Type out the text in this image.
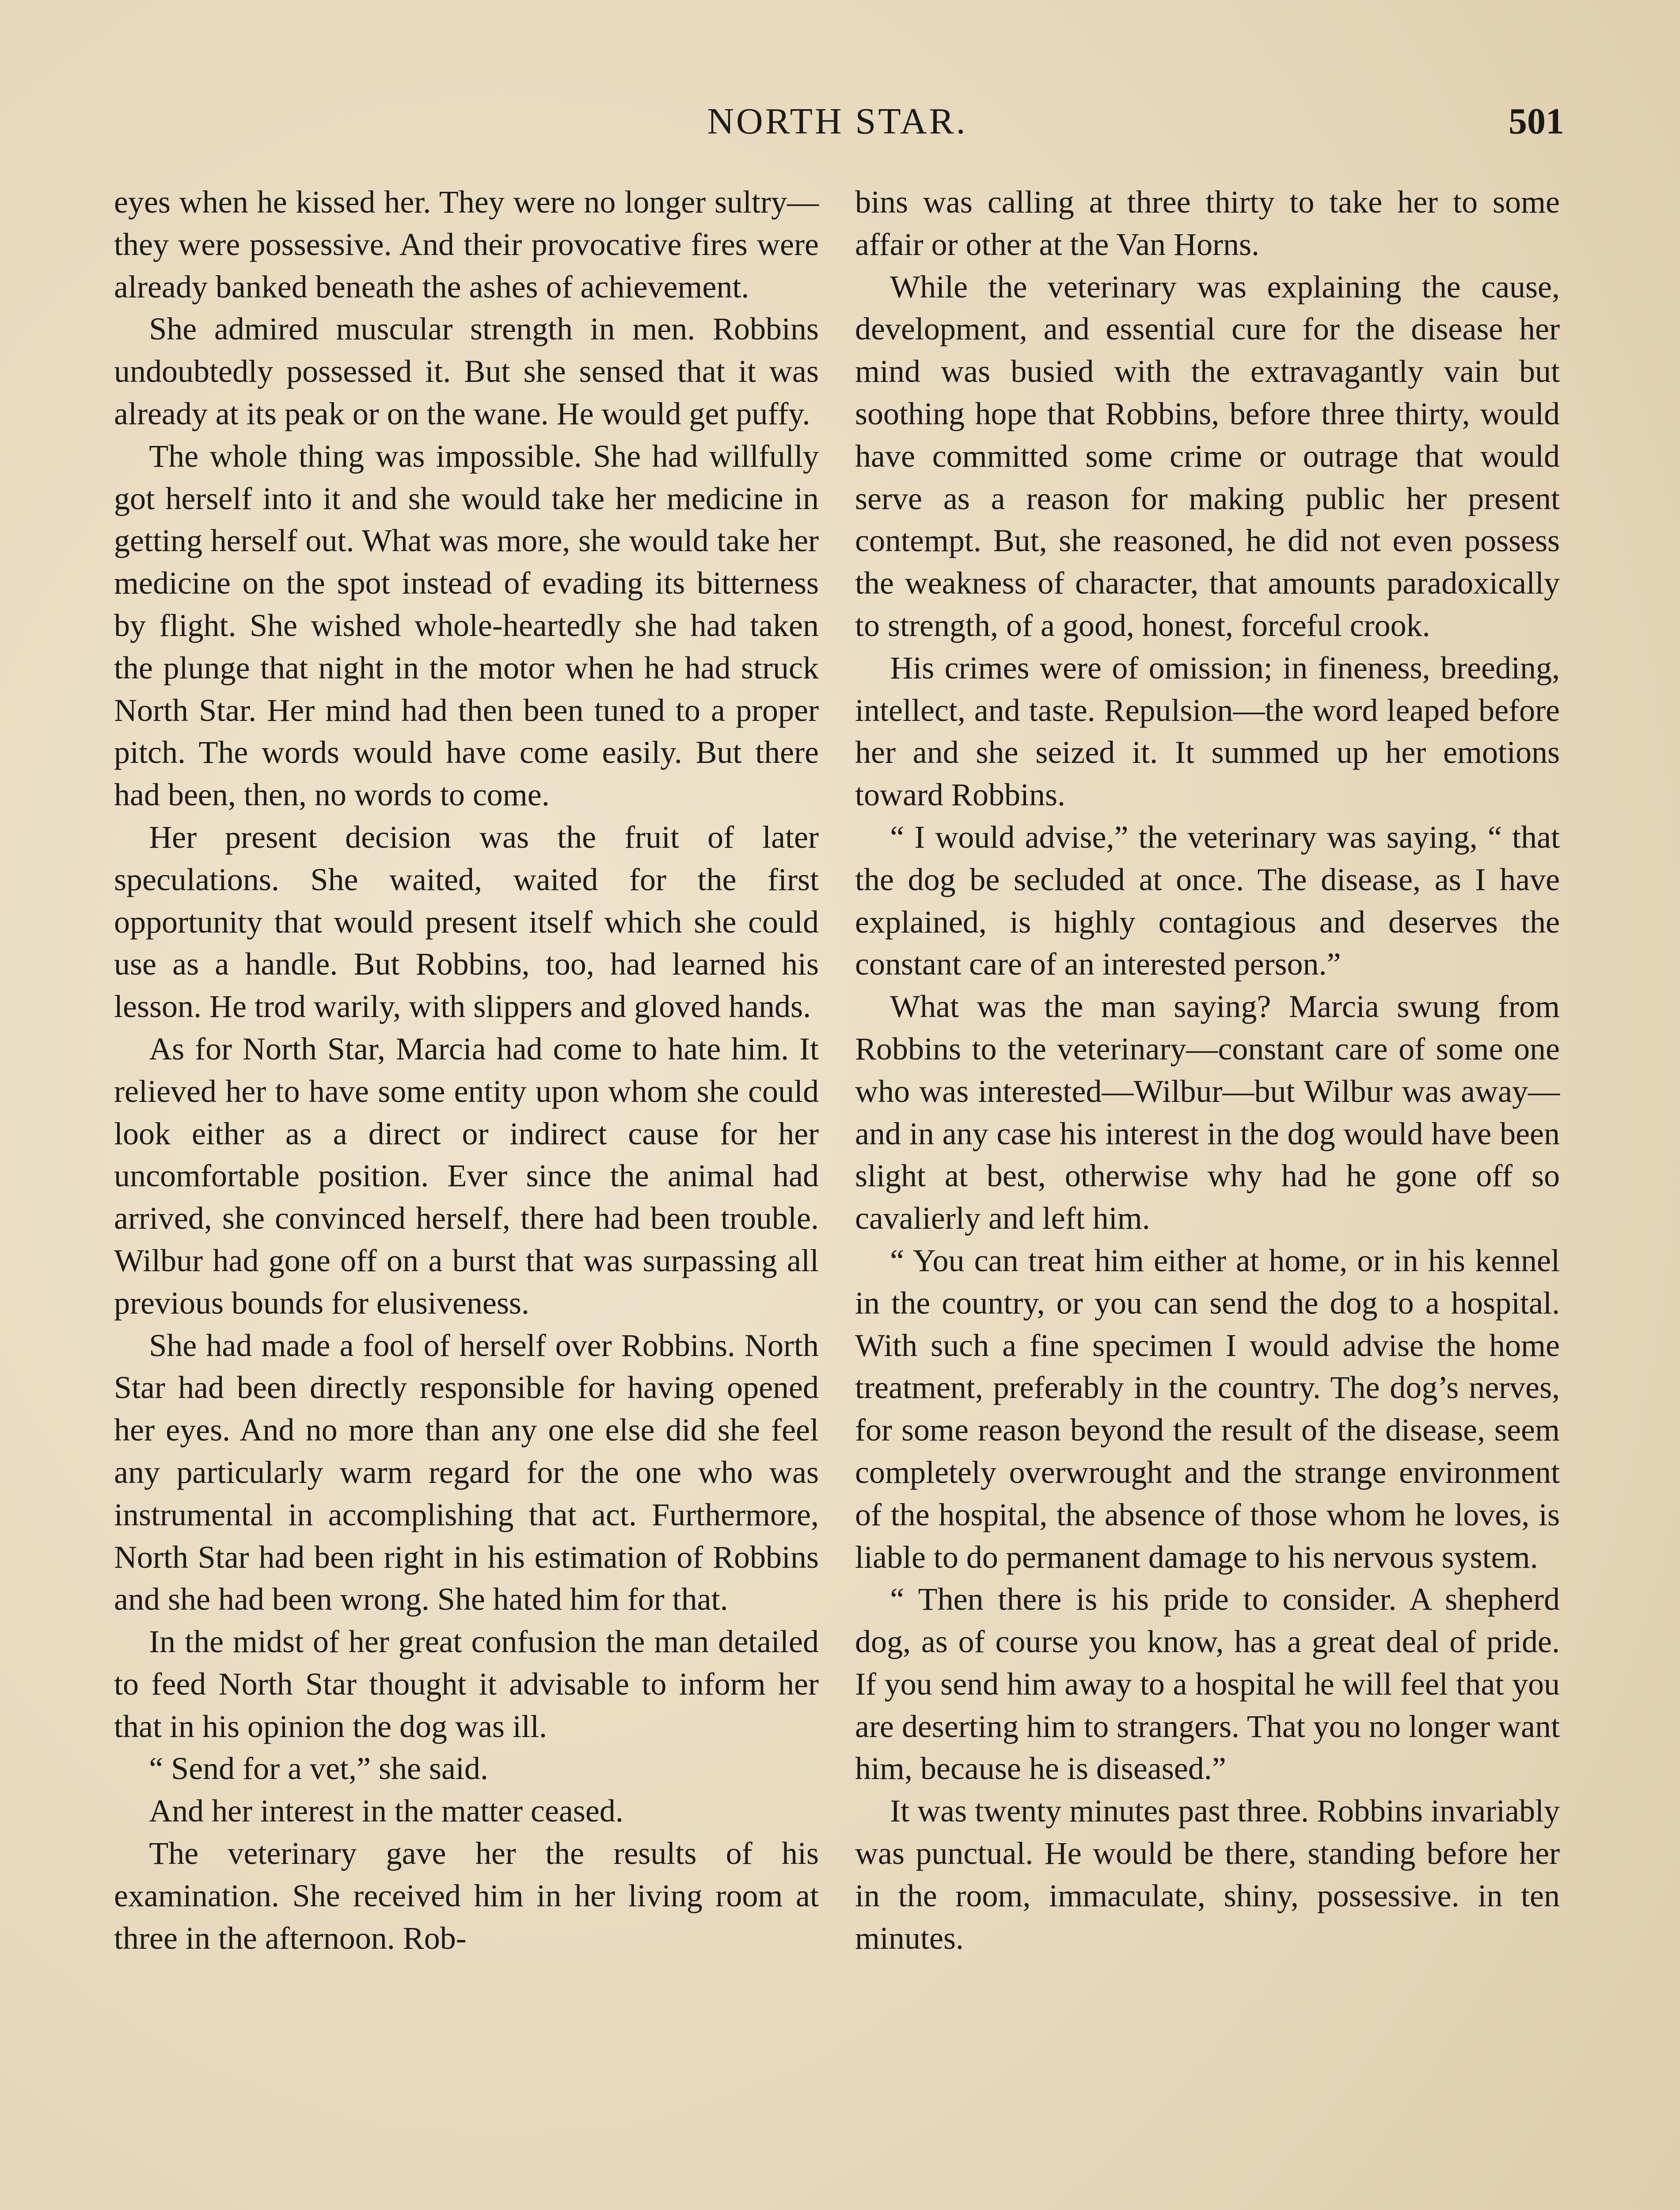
NORTH STAR.	501

eyes when he kissed her. They were no longer sultry—they were possessive. And their provocative fires were already banked beneath the ashes of achievement.

She admired muscular strength in men. Robbins undoubtedly possessed it. But she sensed that it was already at its peak or on the wane. He would get puffy.

The whole thing was impossible. She had willfully got herself into it and she would take her medicine in getting herself out. What was more, she would take her medicine on the spot instead of evading its bitterness by flight. She wished whole-heartedly she had taken the plunge that night in the motor when he had struck North Star. Her mind had then been tuned to a proper pitch. The words would have come easily. But there had been, then, no words to come.

Her present decision was the fruit of later speculations. She waited, waited for the first opportunity that would present itself which she could use as a handle. But Robbins, too, had learned his lesson. He trod warily, with slippers and gloved hands.

As for North Star, Marcia had come to hate him. It relieved her to have some entity upon whom she could look either as a direct or indirect cause for her uncomfortable position. Ever since the animal had arrived, she convinced herself, there had been trouble. Wilbur had gone off on a burst that was surpassing all previous bounds for elusiveness.

She had made a fool of herself over Robbins. North Star had been directly responsible for having opened her eyes. And no more than any one else did she feel any particularly warm regard for the one who was instrumental in accomplishing that act. Furthermore, North Star had been right in his estimation of Robbins and she had been wrong. She hated him for that.

In the midst of her great confusion the man detailed to feed North Star thought it advisable to inform her that in his opinion the dog was ill.

“ Send for a vet,” she said.

And her interest in the matter ceased.

The veterinary gave her the results of his examination. She received him in her living room at three in the afternoon. Rob-

bins was calling at three thirty to take her to some affair or other at the Van Horns.

While the veterinary was explaining the cause, development, and essential cure for the disease her mind was busied with the extravagantly vain but soothing hope that Robbins, before three thirty, would have committed some crime or outrage that would serve as a reason for making public her present contempt. But, she reasoned, he did not even possess the weakness of character, that amounts paradoxically to strength, of a good, honest, forceful crook.

His crimes were of omission; in fineness, breeding, intellect, and taste. Repulsion—the word leaped before her and she seized it. It summed up her emotions toward Robbins.

“ I would advise,” the veterinary was saying, “ that the dog be secluded at once. The disease, as I have explained, is highly contagious and deserves the constant care of an interested person.”

What was the man saying? Marcia swung from Robbins to the veterinary—constant care of some one who was interested—Wilbur—but Wilbur was away—and in any case his interest in the dog would have been slight at best, otherwise why had he gone off so cavalierly and left him.

“ You can treat him either at home, or in his kennel in the country, or you can send the dog to a hospital. With such a fine specimen I would advise the home treatment, preferably in the country. The dog’s nerves, for some reason beyond the result of the disease, seem completely overwrought and the strange environment of the hospital, the absence of those whom he loves, is liable to do permanent damage to his nervous system.

“ Then there is his pride to consider. A shepherd dog, as of course you know, has a great deal of pride. If you send him away to a hospital he will feel that you are deserting him to strangers. That you no longer want him, because he is diseased.”

It was twenty minutes past three. Robbins invariably was punctual. He would be there, standing before her in the room, immaculate, shiny, possessive. in ten minutes.
